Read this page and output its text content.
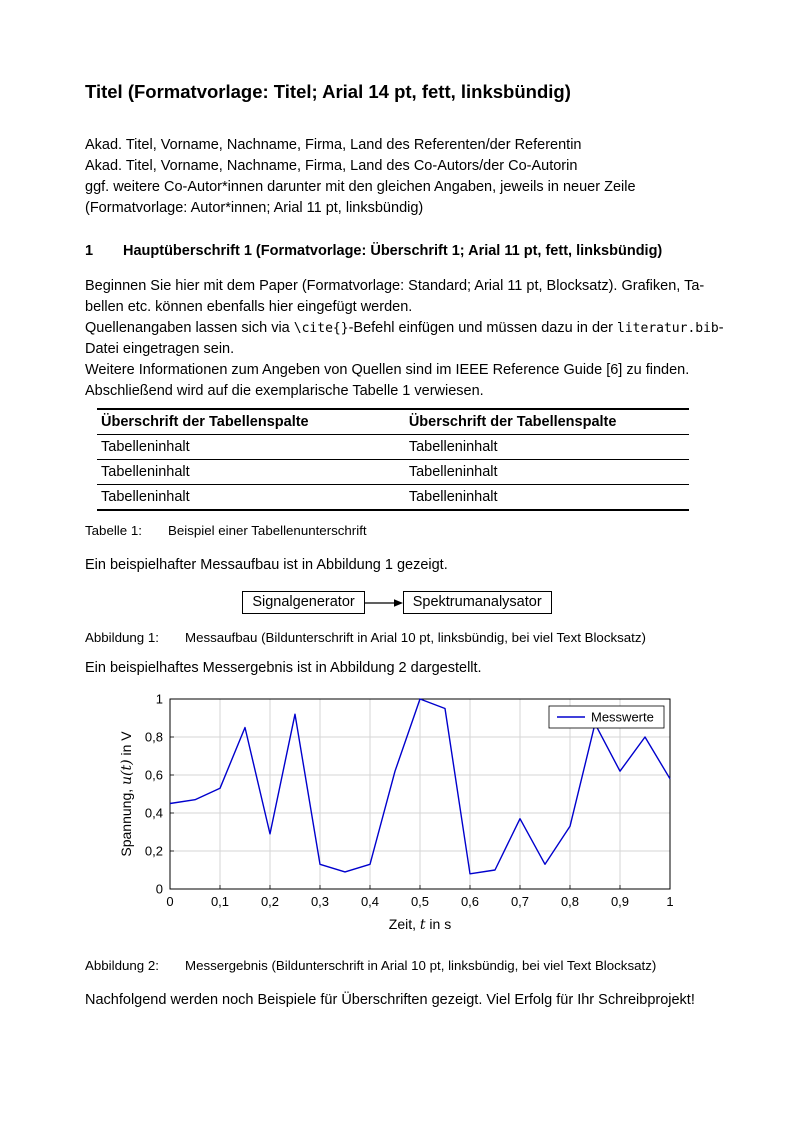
Titel (Formatvorlage: Titel; Arial 14 pt, fett, linksbündig)
Akad. Titel, Vorname, Nachname, Firma, Land des Referenten/der Referentin
Akad. Titel, Vorname, Nachname, Firma, Land des Co-Autors/der Co-Autorin
ggf. weitere Co-Autor*innen darunter mit den gleichen Angaben, jeweils in neuer Zeile
(Formatvorlage: Autor*innen; Arial 11 pt, linksbündig)
1	Hauptüberschrift 1 (Formatvorlage: Überschrift 1; Arial 11 pt, fett, linksbündig)
Beginnen Sie hier mit dem Paper (Formatvorlage: Standard; Arial 11 pt, Blocksatz). Grafiken, Ta-
bellen etc. können ebenfalls hier eingefügt werden.
Quellenangaben lassen sich via \cite{}-Befehl einfügen und müssen dazu in der literatur.bib-
Datei eingetragen sein.
Weitere Informationen zum Angeben von Quellen sind im IEEE Reference Guide [6] zu finden.
Abschließend wird auf die exemplarische Tabelle 1 verwiesen.
Überschrift der Tabellenspalte	Überschrift der Tabellenspalte
Tabelleninhalt	Tabelleninhalt
Tabelleninhalt	Tabelleninhalt
Tabelleninhalt	Tabelleninhalt
Tabelle 1:	Beispiel einer Tabellenunterschrift
Ein beispielhafter Messaufbau ist in Abbildung 1 gezeigt.
Signalgenerator	Spektrumanalysator
Abbildung 1:	Messaufbau (Bildunterschrift in Arial 10 pt, linksbündig, bei viel Text Blocksatz)
Ein beispielhaftes Messergebnis ist in Abbildung 2 dargestellt.
0	0,1 0,2 0,3 0,4 0,5 0,6 0,7 0,8 0,9	1
0
0,2
0,4
0,6
0,8
1
Messwerte
Zeit, t in s
Spannung, u(t) in V
Abbildung 2:	Messergebnis (Bildunterschrift in Arial 10 pt, linksbündig, bei viel Text Blocksatz)
Nachfolgend werden noch Beispiele für Überschriften gezeigt. Viel Erfolg für Ihr Schreibprojekt!
